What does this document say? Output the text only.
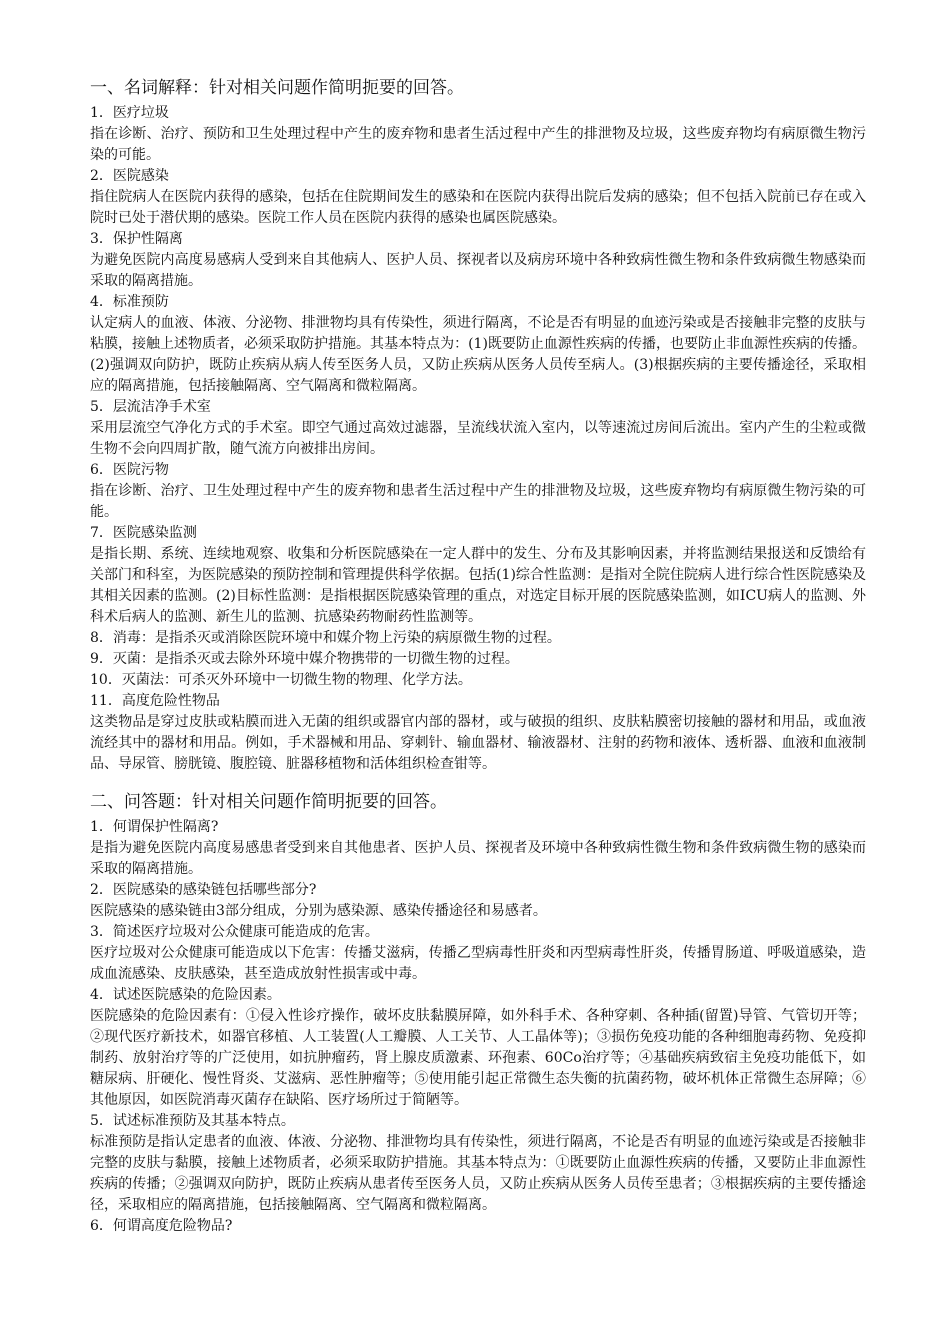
一、名词解释：针对相关问题作简明扼要的回答。

1．医疗垃圾

指在诊断、治疗、预防和卫生处理过程中产生的废弃物和患者生活过程中产生的排泄物及垃圾，这些废弃物均有病原微生物污染的可能。

2．医院感染

指住院病人在医院内获得的感染，包括在住院期间发生的感染和在医院内获得出院后发病的感染；但不包括入院前已存在或入院时已处于潜伏期的感染。医院工作人员在医院内获得的感染也属医院感染。

3．保护性隔离

为避免医院内高度易感病人受到来自其他病人、医护人员、探视者以及病房环境中各种致病性微生物和条件致病微生物感染而采取的隔离措施。

4．标准预防

认定病人的血液、体液、分泌物、排泄物均具有传染性，须进行隔离，不论是否有明显的血迹污染或是否接触非完整的皮肤与粘膜，接触上述物质者，必须采取防护措施。其基本特点为：(1)既要防止血源性疾病的传播，也要防止非血源性疾病的传播。(2)强调双向防护，既防止疾病从病人传至医务人员，又防止疾病从医务人员传至病人。(3)根据疾病的主要传播途径，采取相应的隔离措施，包括接触隔离、空气隔离和微粒隔离。

5．层流洁净手术室

采用层流空气净化方式的手术室。即空气通过高效过滤器，呈流线状流入室内，以等速流过房间后流出。室内产生的尘粒或微生物不会向四周扩散，随气流方向被排出房间。

6．医院污物

指在诊断、治疗、卫生处理过程中产生的废弃物和患者生活过程中产生的排泄物及垃圾，这些废弃物均有病原微生物污染的可能。

7．医院感染监测

是指长期、系统、连续地观察、收集和分析医院感染在一定人群中的发生、分布及其影响因素，并将监测结果报送和反馈给有关部门和科室，为医院感染的预防控制和管理提供科学依据。包括(1)综合性监测：是指对全院住院病人进行综合性医院感染及其相关因素的监测。(2)目标性监测：是指根据医院感染管理的重点，对选定目标开展的医院感染监测，如ICU病人的监测、外科术后病人的监测、新生儿的监测、抗感染药物耐药性监测等。

8．消毒：是指杀灭或消除医院环境中和媒介物上污染的病原微生物的过程。

9．灭菌：是指杀灭或去除外环境中媒介物携带的一切微生物的过程。

10．灭菌法：可杀灭外环境中一切微生物的物理、化学方法。

11．高度危险性物品

这类物品是穿过皮肤或粘膜而进入无菌的组织或器官内部的器材，或与破损的组织、皮肤粘膜密切接触的器材和用品，或血液流经其中的器材和用品。例如，手术器械和用品、穿刺针、输血器材、输液器材、注射的药物和液体、透析器、血液和血液制品、导尿管、膀胱镜、腹腔镜、脏器移植物和活体组织检查钳等。

二、问答题：针对相关问题作简明扼要的回答。

1．何谓保护性隔离?

是指为避免医院内高度易感患者受到来自其他患者、医护人员、探视者及环境中各种致病性微生物和条件致病微生物的感染而采取的隔离措施。

2．医院感染的感染链包括哪些部分?

医院感染的感染链由3部分组成，分别为感染源、感染传播途径和易感者。

3．简述医疗垃圾对公众健康可能造成的危害。

医疗垃圾对公众健康可能造成以下危害：传播艾滋病，传播乙型病毒性肝炎和丙型病毒性肝炎，传播胃肠道、呼吸道感染，造成血流感染、皮肤感染，甚至造成放射性损害或中毒。

4．试述医院感染的危险因素。

医院感染的危险因素有：①侵入性诊疗操作，破坏皮肤黏膜屏障，如外科手术、各种穿刺、各种插(留置)导管、气管切开等；②现代医疗新技术，如器官移植、人工装置(人工瓣膜、人工关节、人工晶体等)；③损伤免疫功能的各种细胞毒药物、免疫抑制药、放射治疗等的广泛使用，如抗肿瘤药，肾上腺皮质激素、环孢素、60Co治疗等；④基础疾病致宿主免疫功能低下，如糖尿病、肝硬化、慢性肾炎、艾滋病、恶性肿瘤等；⑤使用能引起正常微生态失衡的抗菌药物，破坏机体正常微生态屏障；⑥其他原因，如医院消毒灭菌存在缺陷、医疗场所过于简陋等。

5．试述标准预防及其基本特点。

标准预防是指认定患者的血液、体液、分泌物、排泄物均具有传染性，须进行隔离，不论是否有明显的血迹污染或是否接触非完整的皮肤与黏膜，接触上述物质者，必须采取防护措施。其基本特点为：①既要防止血源性疾病的传播，又要防止非血源性疾病的传播；②强调双向防护，既防止疾病从患者传至医务人员，又防止疾病从医务人员传至患者；③根据疾病的主要传播途径，采取相应的隔离措施，包括接触隔离、空气隔离和微粒隔离。

6．何谓高度危险物品?
